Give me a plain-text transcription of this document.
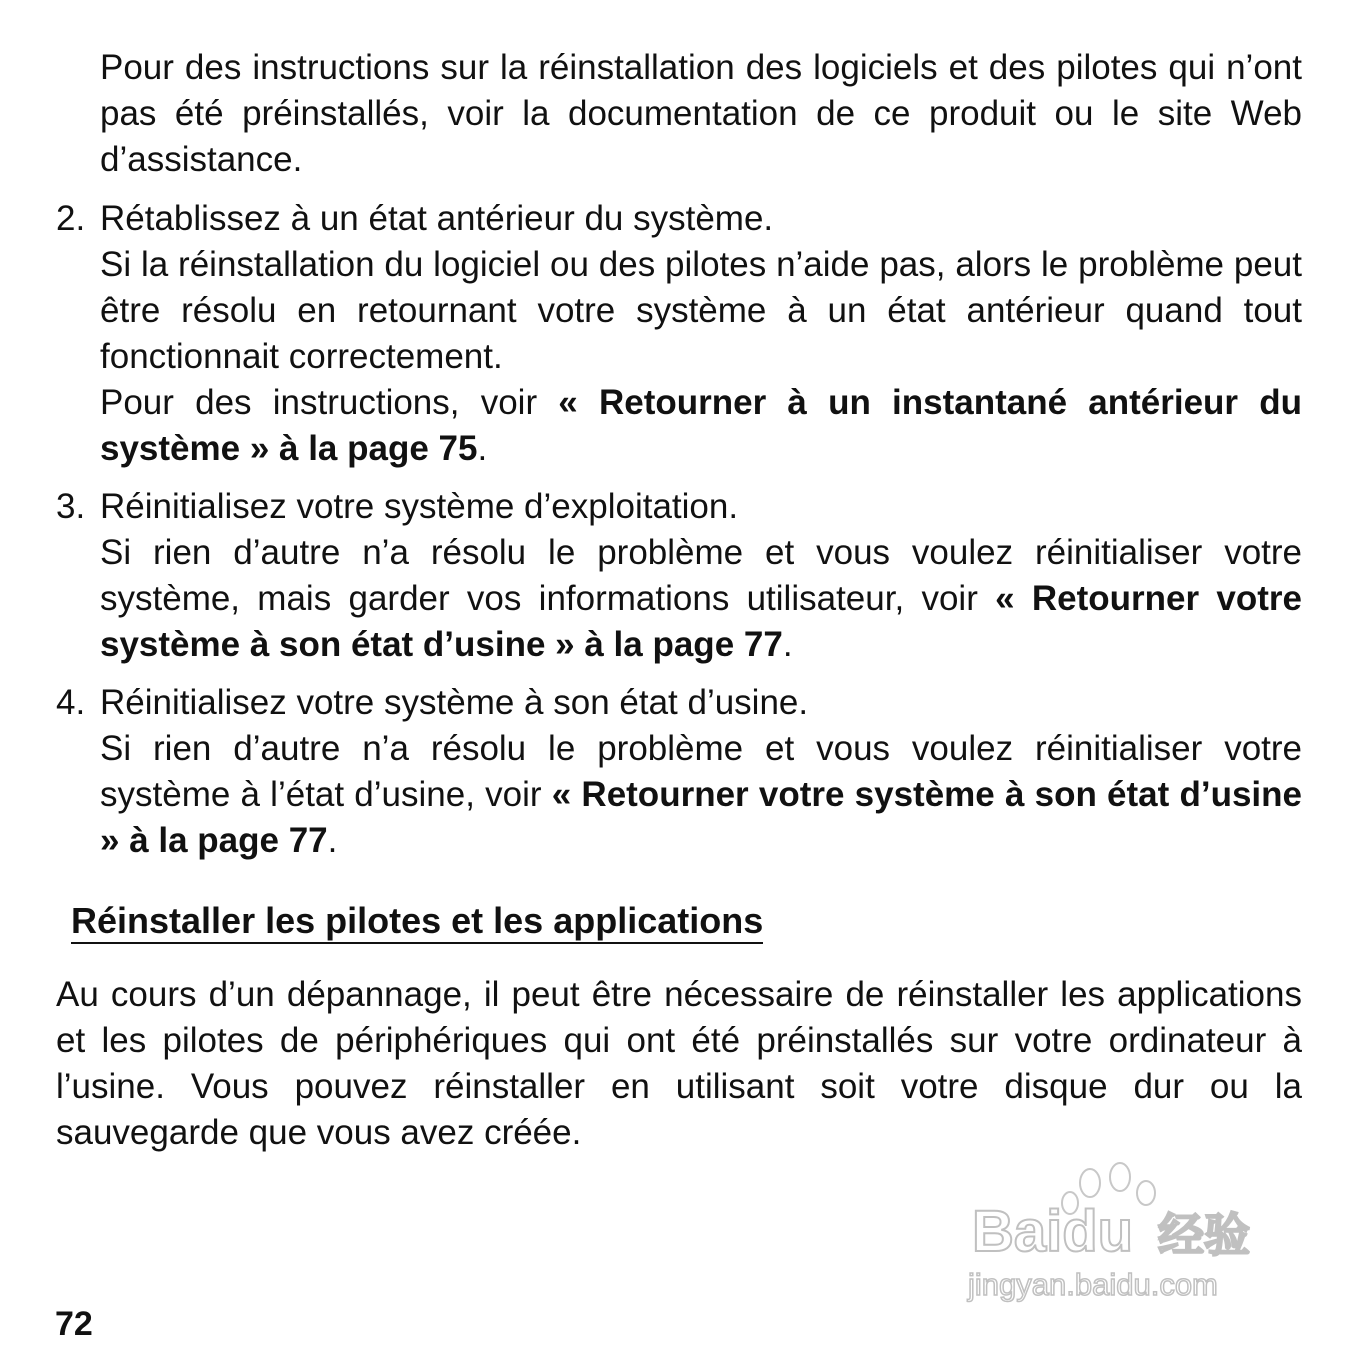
Pour des instructions sur la réinstallation des logiciels et des pilotes qui n’ont pas été préinstallés, voir la documentation de ce produit ou le site Web d’assistance.

2. Rétablissez à un état antérieur du système.

Si la réinstallation du logiciel ou des pilotes n’aide pas, alors le problème peut être résolu en retournant votre système à un état antérieur quand tout fonctionnait correctement.

Pour des instructions, voir « Retourner à un instantané antérieur du système » à la page 75.

3. Réinitialisez votre système d’exploitation.

Si rien d’autre n’a résolu le problème et vous voulez réinitialiser votre système, mais garder vos informations utilisateur, voir « Retourner votre système à son état d’usine » à la page 77.

4. Réinitialisez votre système à son état d’usine.

Si rien d’autre n’a résolu le problème et vous voulez réinitialiser votre système à l’état d’usine, voir « Retourner votre système à son état d’usine » à la page 77.

Réinstaller les pilotes et les applications

Au cours d’un dépannage, il peut être nécessaire de réinstaller les applications et les pilotes de périphériques qui ont été préinstallés sur votre ordinateur à l’usine. Vous pouvez réinstaller en utilisant soit votre disque dur ou la sauvegarde que vous avez créée.

Baidu 经验
jingyan.baidu.com
72
